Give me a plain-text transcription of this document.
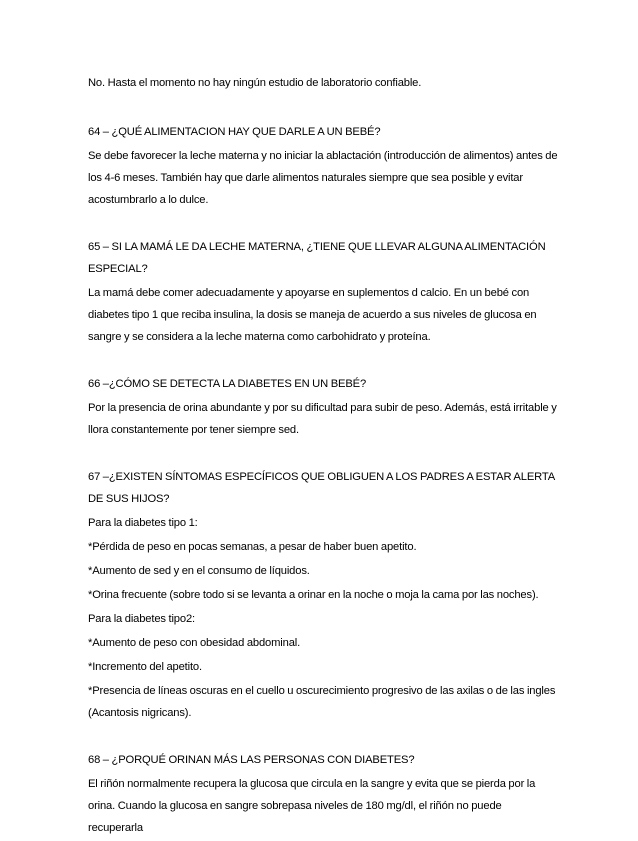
No. Hasta el momento no hay ningún estudio de laboratorio confiable.

64 – ¿QUÉ ALIMENTACION HAY QUE DARLE A UN BEBÉ?

Se debe favorecer la leche materna y no iniciar la ablactación (introducción de alimentos) antes de los 4-6 meses. También hay que darle alimentos naturales siempre que sea posible y evitar acostumbrarlo a lo dulce.

65 – SI LA MAMÁ LE DA LECHE MATERNA, ¿TIENE QUE LLEVAR ALGUNA ALIMENTACIÓN ESPECIAL?

La mamá debe comer adecuadamente y apoyarse en suplementos d calcio. En un bebé con diabetes tipo 1 que reciba insulina, la dosis se maneja de acuerdo a sus niveles de glucosa en sangre y se considera a la leche materna como carbohidrato y proteína.

66 –¿CÓMO SE DETECTA LA DIABETES EN UN BEBÉ?

Por la presencia de orina abundante y por su dificultad para subir de peso. Además, está irritable y llora constantemente por tener siempre sed.

67 –¿EXISTEN SÍNTOMAS ESPECÍFICOS QUE OBLIGUEN A LOS PADRES A ESTAR ALERTA DE SUS HIJOS?

Para la diabetes tipo 1:

*Pérdida de peso en pocas semanas, a pesar de haber buen apetito.

*Aumento de sed y en el consumo de líquidos.

*Orina frecuente (sobre todo si se levanta a orinar en la noche o moja la cama por las noches).

Para la diabetes tipo2:

*Aumento de peso con obesidad abdominal.

*Incremento del apetito.

*Presencia de líneas oscuras en el cuello u oscurecimiento progresivo de las axilas o de las ingles (Acantosis nigricans).

68 – ¿PORQUÉ ORINAN MÁS LAS PERSONAS CON DIABETES?

El riñón normalmente recupera la glucosa que circula en la sangre y evita que se pierda por la orina. Cuando la glucosa en sangre sobrepasa niveles de 180 mg/dl, el riñón no puede recuperarla
